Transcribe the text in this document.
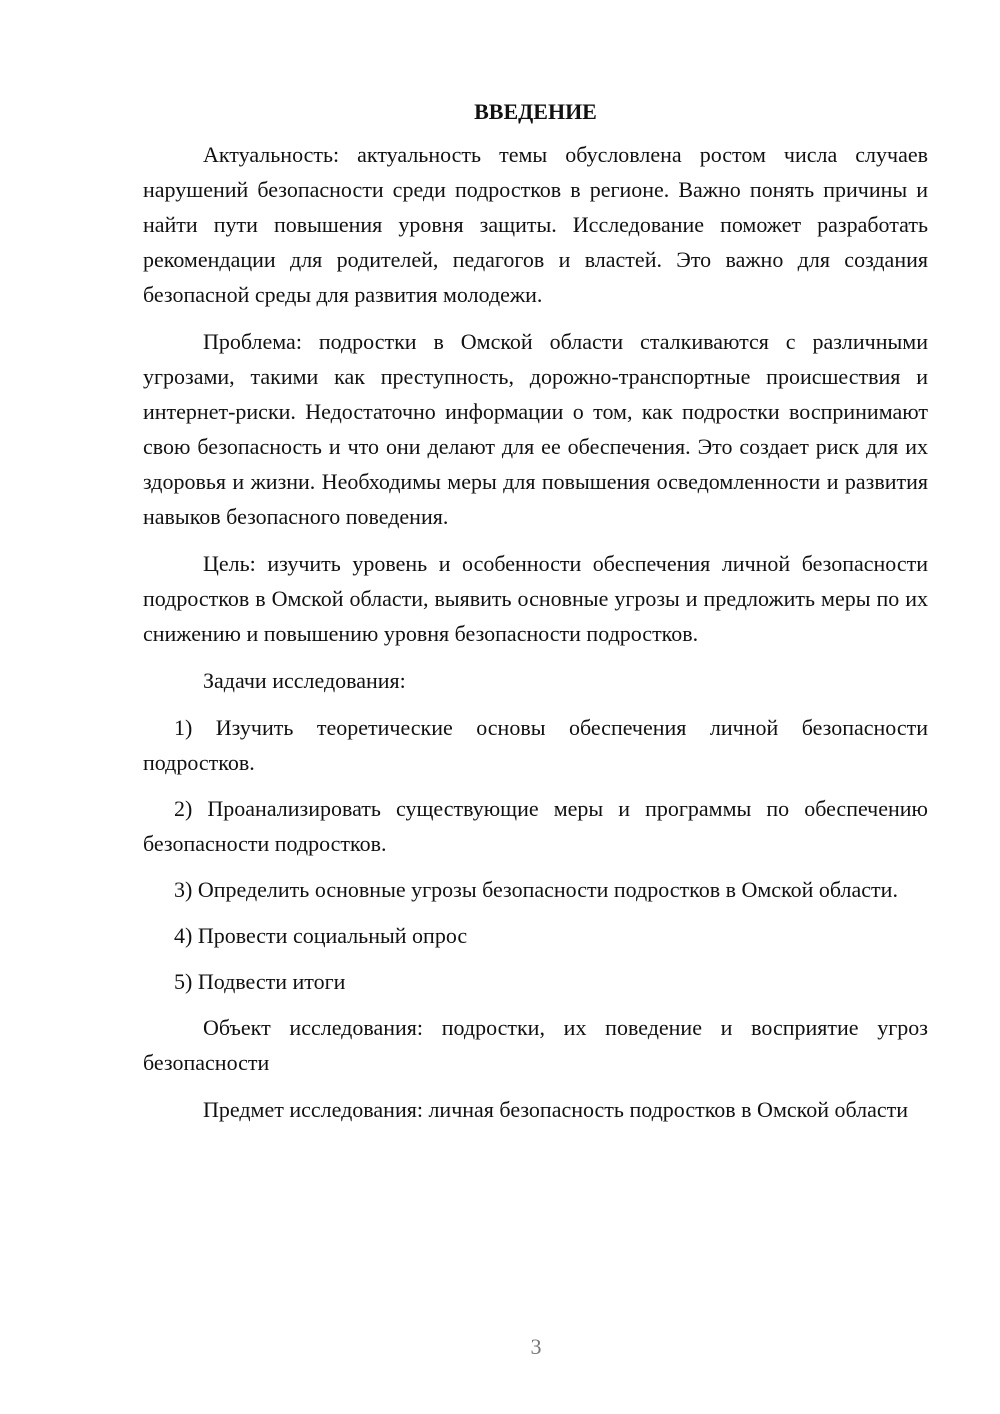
ВВЕДЕНИЕ

Актуальность: актуальность темы обусловлена ростом числа случаев нарушений безопасности среди подростков в регионе. Важно понять причины и найти пути повышения уровня защиты. Исследование поможет разработать рекомендации для родителей, педагогов и властей. Это важно для создания безопасной среды для развития молодежи.

Проблема: подростки в Омской области сталкиваются с различными угрозами, такими как преступность, дорожно-транспортные происшествия и интернет-риски. Недостаточно информации о том, как подростки воспринимают свою безопасность и что они делают для ее обеспечения. Это создает риск для их здоровья и жизни. Необходимы меры для повышения осведомленности и развития навыков безопасного поведения.

Цель: изучить уровень и особенности обеспечения личной безопасности подростков в Омской области, выявить основные угрозы и предложить меры по их снижению и повышению уровня безопасности подростков.

Задачи исследования:

1) Изучить теоретические основы обеспечения личной безопасности подростков.

2) Проанализировать существующие меры и программы по обеспечению безопасности подростков.

3) Определить основные угрозы безопасности подростков в Омской области.

4) Провести социальный опрос

5) Подвести итоги

Объект исследования: подростки, их поведение и восприятие угроз безопасности

Предмет исследования: личная безопасность подростков в Омской области

3
